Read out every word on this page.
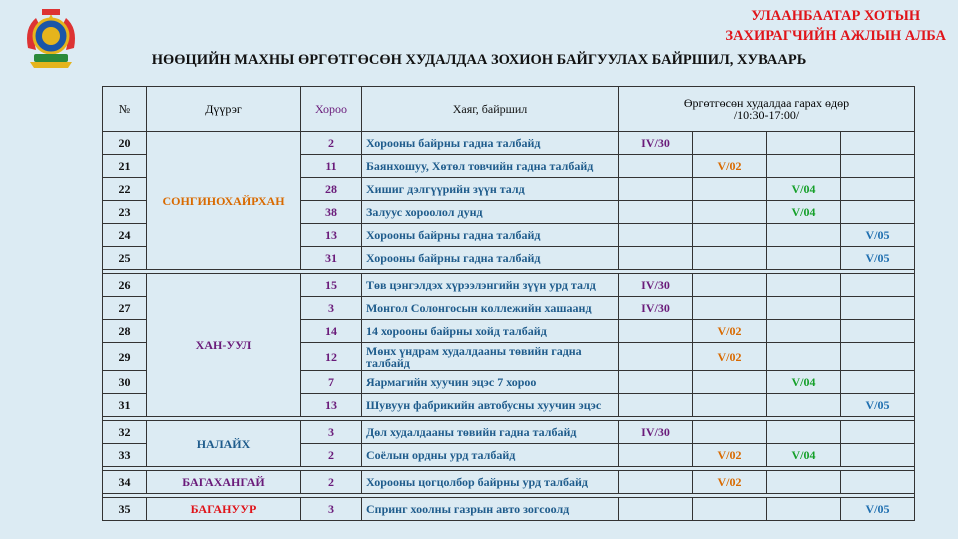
УЛААНБААТАР ХОТЫН
ЗАХИРАГЧИЙН АЖЛЫН АЛБА
НӨӨЦИЙН МАХНЫ ӨРГӨТГӨСӨН ХУДАЛДАА ЗОХИОН БАЙГУУЛАХ БАЙРШИЛ, ХУВААРЬ
№	Дүүрэг	Хороо	Хаяг, байршил	Өргөтгөсөн худалдаа гарах өдөр
/10:30-17:00/			

20	СОНГИНОХАЙРХАН	2	Хорооны байрны гадна талбайд	IV/30			
21		11	Баянхошуу, Хөтөл товчийн гадна талбайд		V/02		
22		28	Хишиг дэлгүүрийн зүүн талд			V/04	
23		38	Залуус хороолол дунд			V/04	
24		13	Хорооны байрны гадна талбайд				V/05
25		31	Хорооны байрны гадна талбайд				V/05

26	ХАН-УУЛ	15	Төв цэнгэлдэх хүрээлэнгийн зүүн урд талд	IV/30			
27		3	Монгол Солонгосын коллежийн хашаанд	IV/30			
28		14	14 хорооны байрны хойд талбайд		V/02		
29		12	Мөнх үндрам худалдааны төвийн гадна талбайд		V/02		
30		7	Яармагийн хуучин эцэс 7 хороо			V/04	
31		13	Шувуун фабрикийн автобусны хуучин эцэс				V/05

32	НАЛАЙХ	3	Дөл худалдааны төвийн гадна талбайд	IV/30			
33		2	Соёлын ордны урд талбайд		V/02	V/04	

34	БАГАХАНГАЙ	2	Хорооны цогцолбор байрны урд талбайд		V/02		

35	БАГАНУУР	3	Спринг хоолны газрын авто зогсоолд				V/05
